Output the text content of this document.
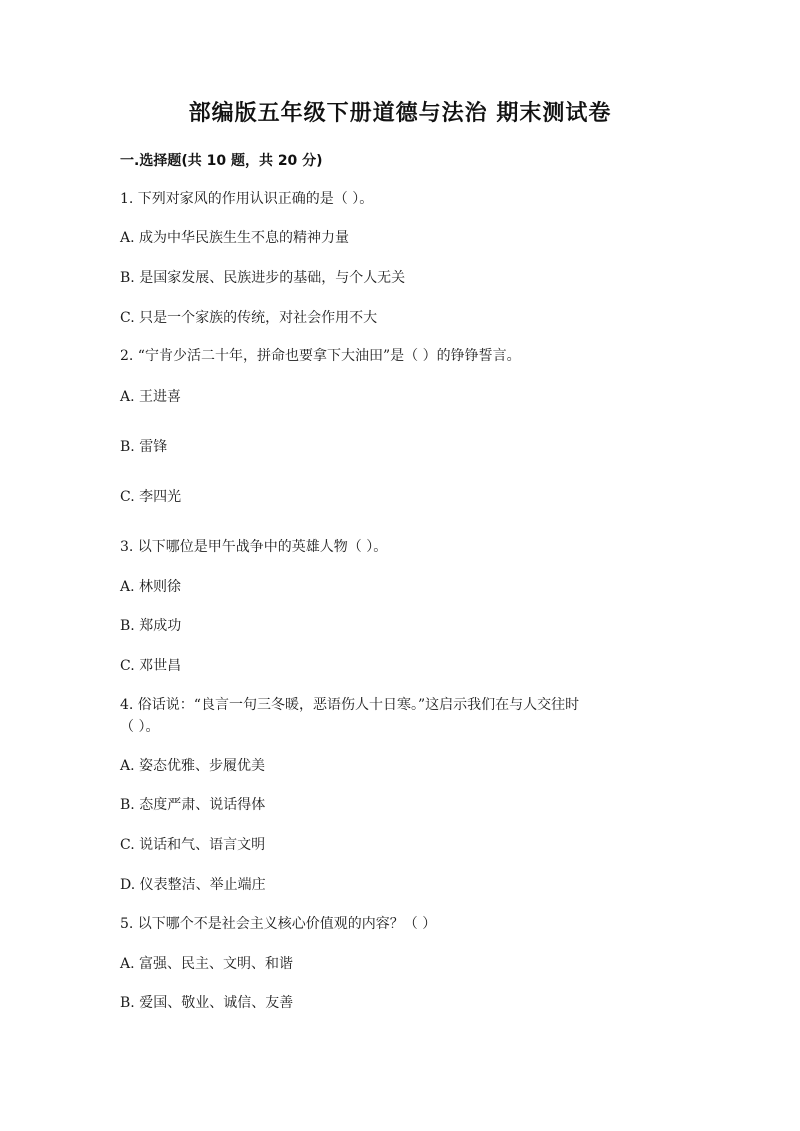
部编版五年级下册道德与法治 期末测试卷
一.选择题(共 10 题，共 20 分)
1. 下列对家风的作用认识正确的是（ ）。
A. 成为中华民族生生不息的精神力量
B. 是国家发展、民族进步的基础，与个人无关
C. 只是一个家族的传统，对社会作用不大
2. “宁肯少活二十年，拼命也要拿下大油田”是（ ）的铮铮誓言。
A. 王进喜
B. 雷锋
C. 李四光
3. 以下哪位是甲午战争中的英雄人物（ ）。
A. 林则徐
B. 郑成功
C. 邓世昌
4. 俗话说：“良言一句三冬暖，恶语伤人十日寒。”这启示我们在与人交往时
（ ）。
A. 姿态优雅、步履优美
B. 态度严肃、说话得体
C. 说话和气、语言文明
D. 仪表整洁、举止端庄
5. 以下哪个不是社会主义核心价值观的内容？（ ）
A. 富强、民主、文明、和谐
B. 爱国、敬业、诚信、友善
